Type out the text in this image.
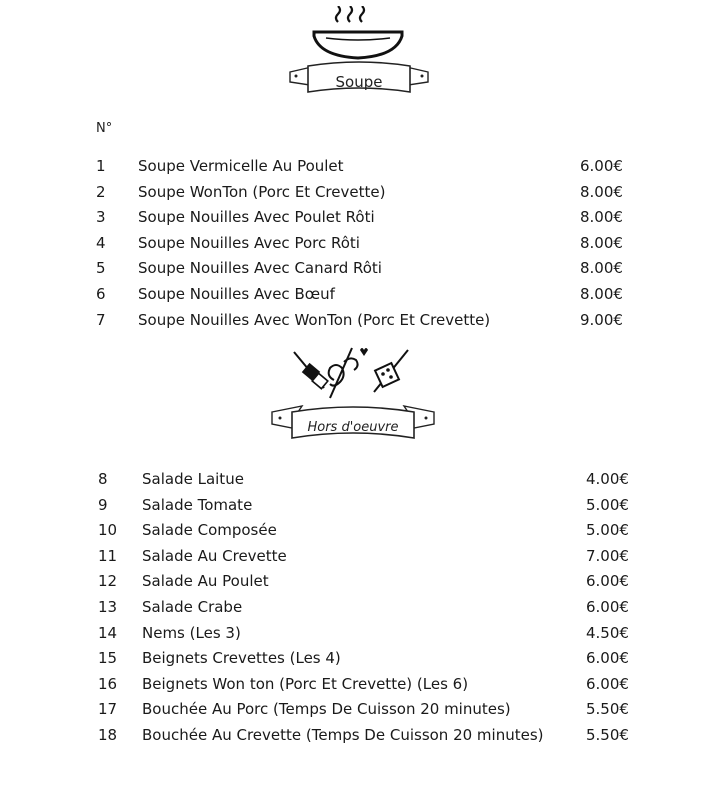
Soupe
N°
1 Soupe Vermicelle Au Poulet	6.00€
2 Soupe WonTon (Porc Et Crevette)	8.00€
3 Soupe Nouilles Avec Poulet Rôti	8.00€
4 Soupe Nouilles Avec Porc Rôti	8.00€
5 Soupe Nouilles Avec Canard Rôti	8.00€
6 Soupe Nouilles Avec Bœuf	8.00€
7 Soupe Nouilles Avec WonTon (Porc Et Crevette)	9.00€
Hors d'oeuvre
8 Salade Laitue	4.00€
9 Salade Tomate	5.00€
10 Salade Composée	5.00€
11 Salade Au Crevette	7.00€
12 Salade Au Poulet	6.00€
13 Salade Crabe	6.00€
14 Nems (Les 3)	4.50€
15 Beignets Crevettes (Les 4)	6.00€
16 Beignets Won ton (Porc Et Crevette) (Les 6)	6.00€
17 Bouchée Au Porc (Temps De Cuisson 20 minutes)	5.50€
18 Bouchée Au Crevette (Temps De Cuisson 20 minutes)	5.50€
